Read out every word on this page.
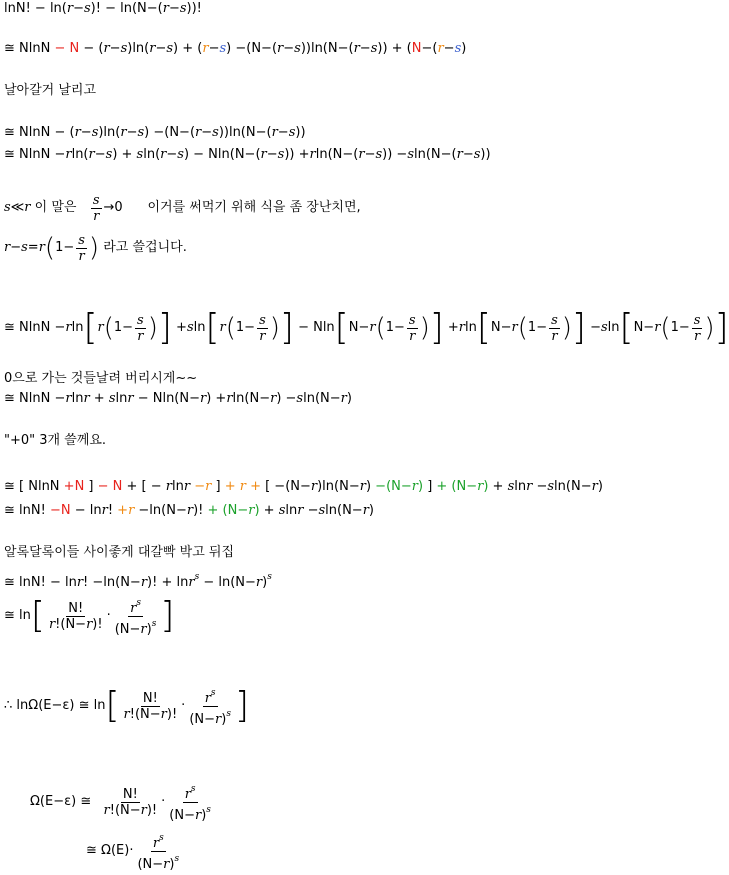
lnN! − ln(r−s)! − ln(N−(r−s))!
≅ NlnN − N − (r−s)ln(r−s) + (r−s) −(N−(r−s))ln(N−(r−s)) + (N−(r−s)
날아갈거 날리고
≅ NlnN − (r−s)ln(r−s) −(N−(r−s))ln(N−(r−s))
≅ NlnN −rln(r−s) + sln(r−s) − Nln(N−(r−s)) +rln(N−(r−s)) −sln(N−(r−s))
s ≪ r
이 말은
$\frac{s}{r} \to 0$ 이거를 써먹기 위해 식을 좀 장난치면,
r − s = r ( $1- \frac{s}{r}$ )
라고 쓸겁니다.
≅ NlnN − r ln [ r ( $1- \frac{s}{r}$ ) ] + s ln [ r ( $1- \frac{s}{r}$ ) ] − Nln [ N− r ( $1- \frac{s}{r}$ ) ] + r ln [ N− r ( $1- \frac{s}{r}$ ) ] − s ln [ N− r ( $1- \frac{s}{r}$ ) ]
0으로 가는 것들날려 버리시게~~
≅ NlnN −rlnr + slnr − Nln(N−r) +rln(N−r) −sln(N−r)
"+0" 3개 쓸께요.
≅ [ NlnN +N ] − N + [ − rlnr −r ] + r + [ −(N−r)ln(N−r) −(N−r) ] + (N−r) + slnr −sln(N−r)
≅ lnN! −N − lnr! +r −ln(N−r)! + (N−r) + slnr −sln(N−r)
알록달록이들 사이좋게 대갈빡 박고 뒤집
≅ lnN! − lnr! −ln(N−r)! + $\ln r^s - \ln(N-r)^s$
≅ ln [ $\frac{N!}{r!(N-r)!} \cdot \frac{r^s}{(N-r)^s}$ ]
∴ lnΩ(E−ε) ≅ ln [ $\frac{N!}{r!(N-r)!} \cdot \frac{r^s}{(N-r)^s}$ ]
Ω(E−ε) ≅ $\frac{N!}{r!(N-r)!} \cdot \frac{r^s}{(N-r)^s}$
≅ $\Omega(E)\cdot \frac{r^s}{(N-r)^s}$
